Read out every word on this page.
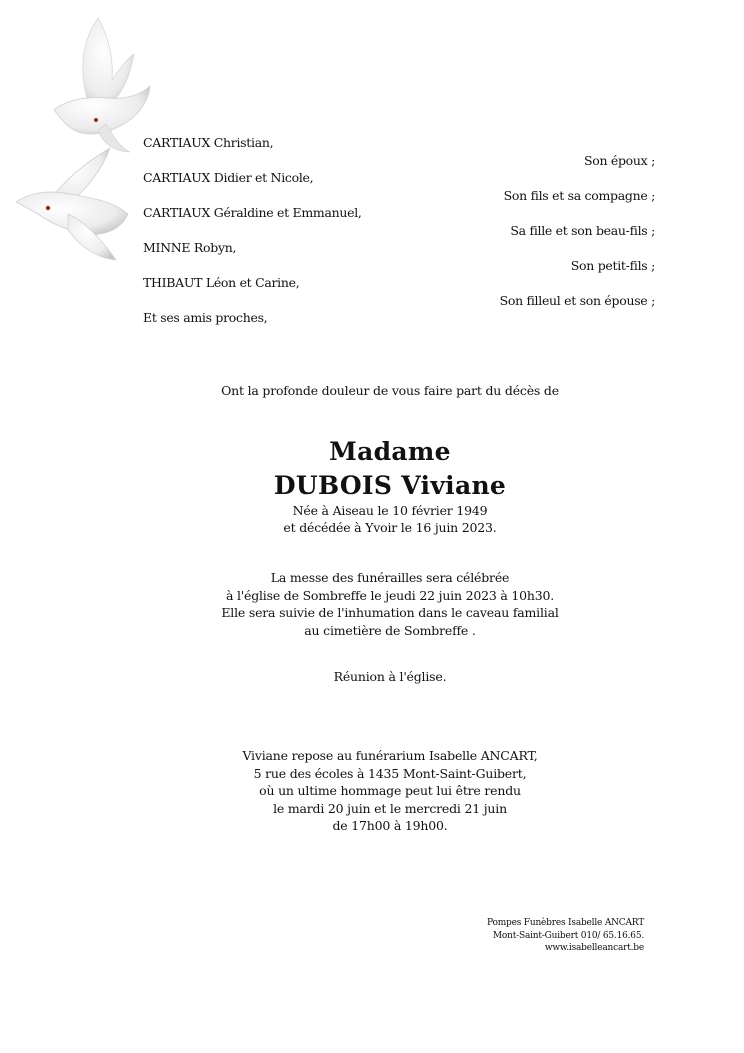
CARTIAUX Christian,
Son époux ;
CARTIAUX Didier et Nicole,
Son fils et sa compagne ;
CARTIAUX Géraldine et Emmanuel,
Sa fille et son beau-fils ;
MINNE Robyn,
Son petit-fils ;
THIBAUT Léon et Carine,
Son filleul et son épouse ;
Et ses amis proches,
Ont la profonde douleur de vous faire part du décès de
Madame
DUBOIS Viviane
Née à Aiseau le 10 février 1949
et décédée à Yvoir le 16 juin 2023.
La messe des funérailles sera célébrée
à l'église de Sombreffe le jeudi 22 juin 2023 à 10h30.
Elle sera suivie de l'inhumation dans le caveau familial
au cimetière de Sombreffe .
Réunion à l'église.
Viviane repose au funérarium Isabelle ANCART,
5 rue des écoles à 1435 Mont-Saint-Guibert,
où un ultime hommage peut lui être rendu
le mardi 20 juin et le mercredi 21 juin
de 17h00 à 19h00.
Pompes Funèbres Isabelle ANCART
Mont-Saint-Guibert 010/ 65.16.65.
www.isabelleancart.be
